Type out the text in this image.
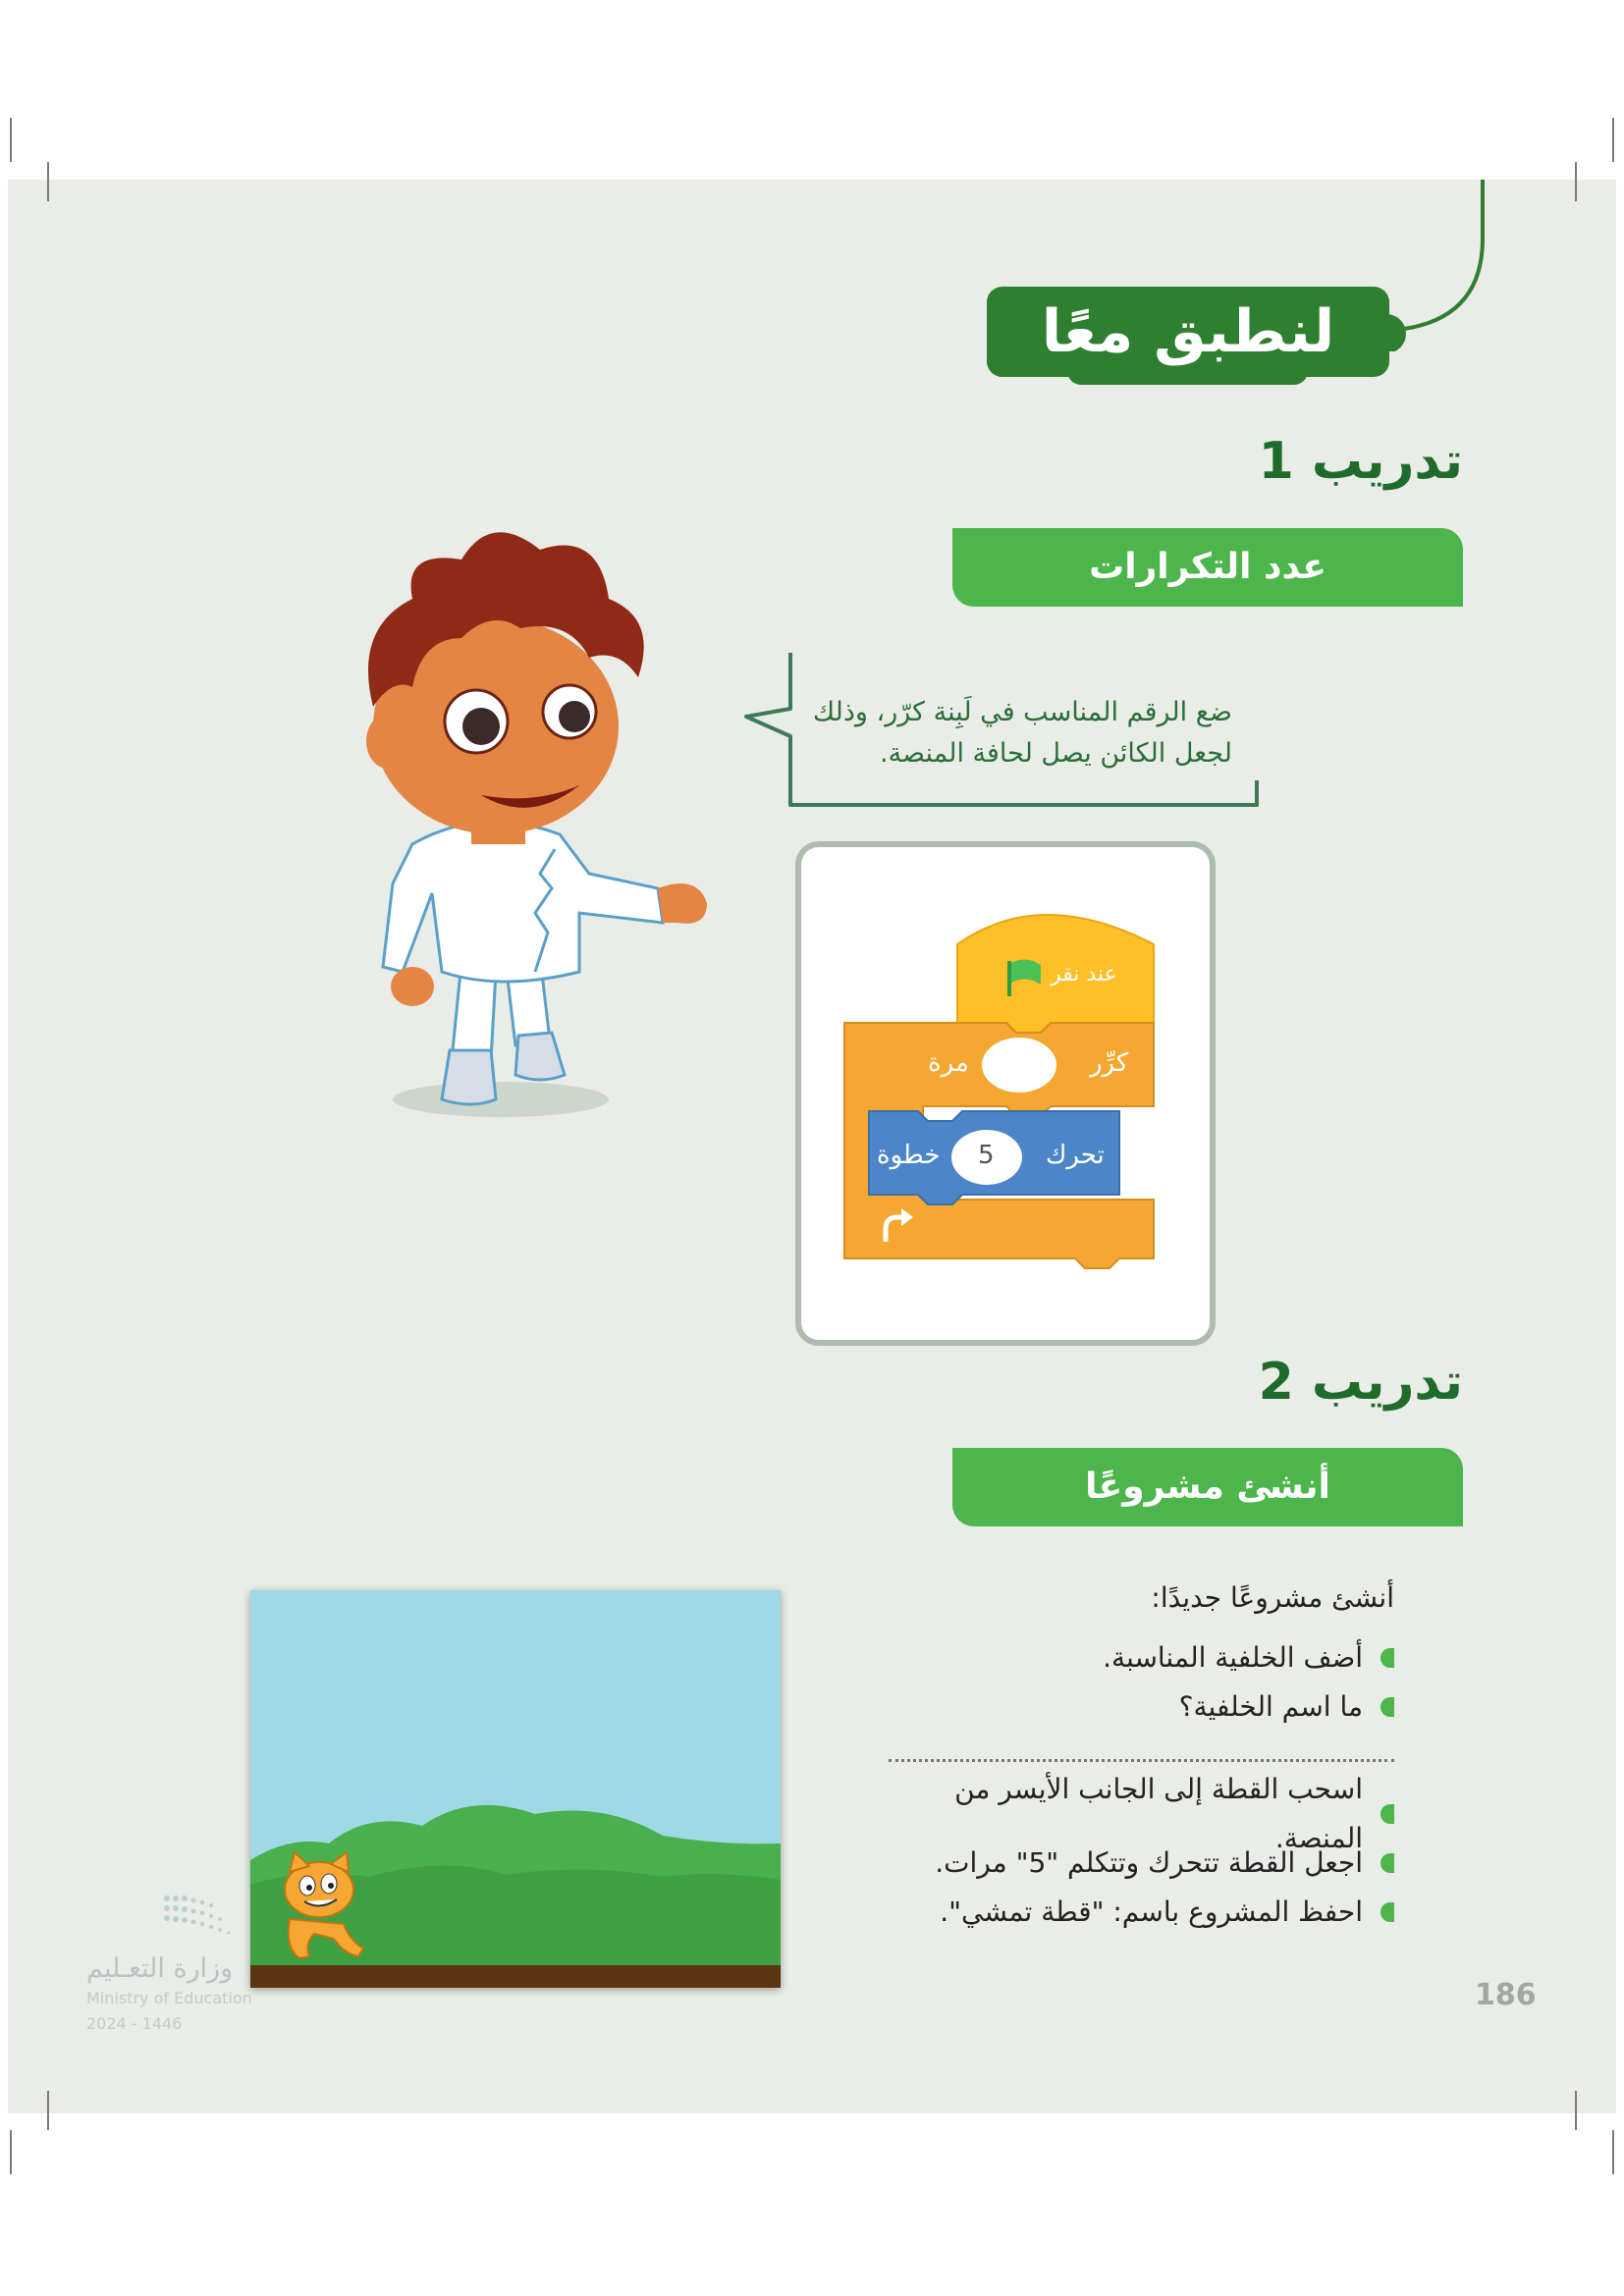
لنطبق معًا
تدريب 1
عدد التكرارات
ضع الرقم المناسب في لَبِنة كرّر، وذلك
لجعل الكائن يصل لحافة المنصة.
عند نقر
كرِّر
مرة
تحرك
5
خطوة
تدريب 2
أنشئ مشروعًا
أنشئ مشروعًا جديدًا:
أضف الخلفية المناسبة.
ما اسم الخلفية؟
اسحب القطة إلى الجانب الأيسر من المنصة.
اجعل القطة تتحرك وتتكلم "5" مرات.
احفظ المشروع باسم: "قطة تمشي".
186
وزارة التعـليم
Ministry of Education
2024 - 1446
